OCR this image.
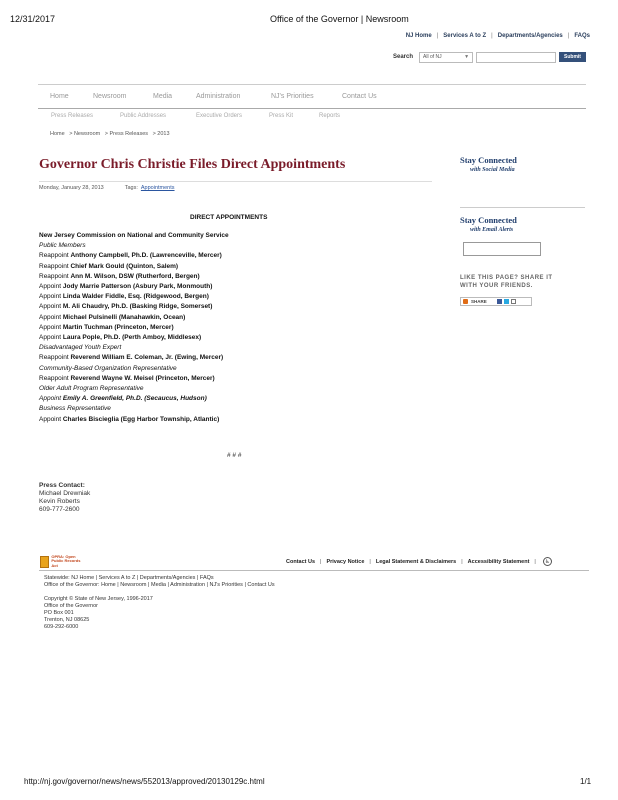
12/31/2017	Office of the Governor | Newsroom
NJ Home | Services A to Z | Departments/Agencies | FAQs
Search All of NJ	▼	Submit
Home	Newsroom	Media	Administration	NJ's Priorities	Contact Us
Press Releases	Public Addresses	Executive Orders	Press Kit	Reports
Home > Newsroom > Press Releases > 2013
Governor Chris Christie Files Direct Appointments
Monday, January 28, 2013	Tags: Appointments
DIRECT APPOINTMENTS
New Jersey Commission on National and Community Service
Public Members
Reappoint Anthony Campbell, Ph.D. (Lawrenceville, Mercer)
Reappoint Chief Mark Gould (Quinton, Salem)
Reappoint Ann M. Wilson, DSW (Rutherford, Bergen)
Appoint Jody Marrie Patterson (Asbury Park, Monmouth)
Appoint Linda Walder Fiddle, Esq. (Ridgewood, Bergen)
Appoint M. Ali Chaudry, Ph.D. (Basking Ridge, Somerset)
Appoint Michael Pulsinelli (Manahawkin, Ocean)
Appoint Martin Tuchman (Princeton, Mercer)
Appoint Laura Pople, Ph.D. (Perth Amboy, Middlesex)
Disadvantaged Youth Expert
Reappoint Reverend William E. Coleman, Jr. (Ewing, Mercer)
Community-Based Organization Representative
Reappoint Reverend Wayne W. Meisel (Princeton, Mercer)
Older Adult Program Representative
Appoint Emily A. Greenfield, Ph.D. (Secaucus, Hudson)
Business Representative
Appoint Charles Biscieglia (Egg Harbor Township, Atlantic)
# # #
Press Contact:
Michael Drewniak
Kevin Roberts
609-777-2600
Stay Connected
with Social Media
Stay Connected
with Email Alerts
LIKE THIS PAGE? SHARE IT
WITH YOUR FRIENDS.
SHARE
OPRA: Open
Public Records Act
Contact Us | Privacy Notice | Legal Statement & Disclaimers | Accessibility Statement |	♿
Statewide: NJ Home | Services A to Z | Departments/Agencies | FAQs
Office of the Governor: Home | Newsroom | Media | Administration | NJ's Priorities | Contact Us
Copyright © State of New Jersey, 1996-2017
Office of the Governor
PO Box 001
Trenton, NJ 08625
609-292-6000
http://nj.gov/governor/news/news/552013/approved/20130129c.html	1/1
